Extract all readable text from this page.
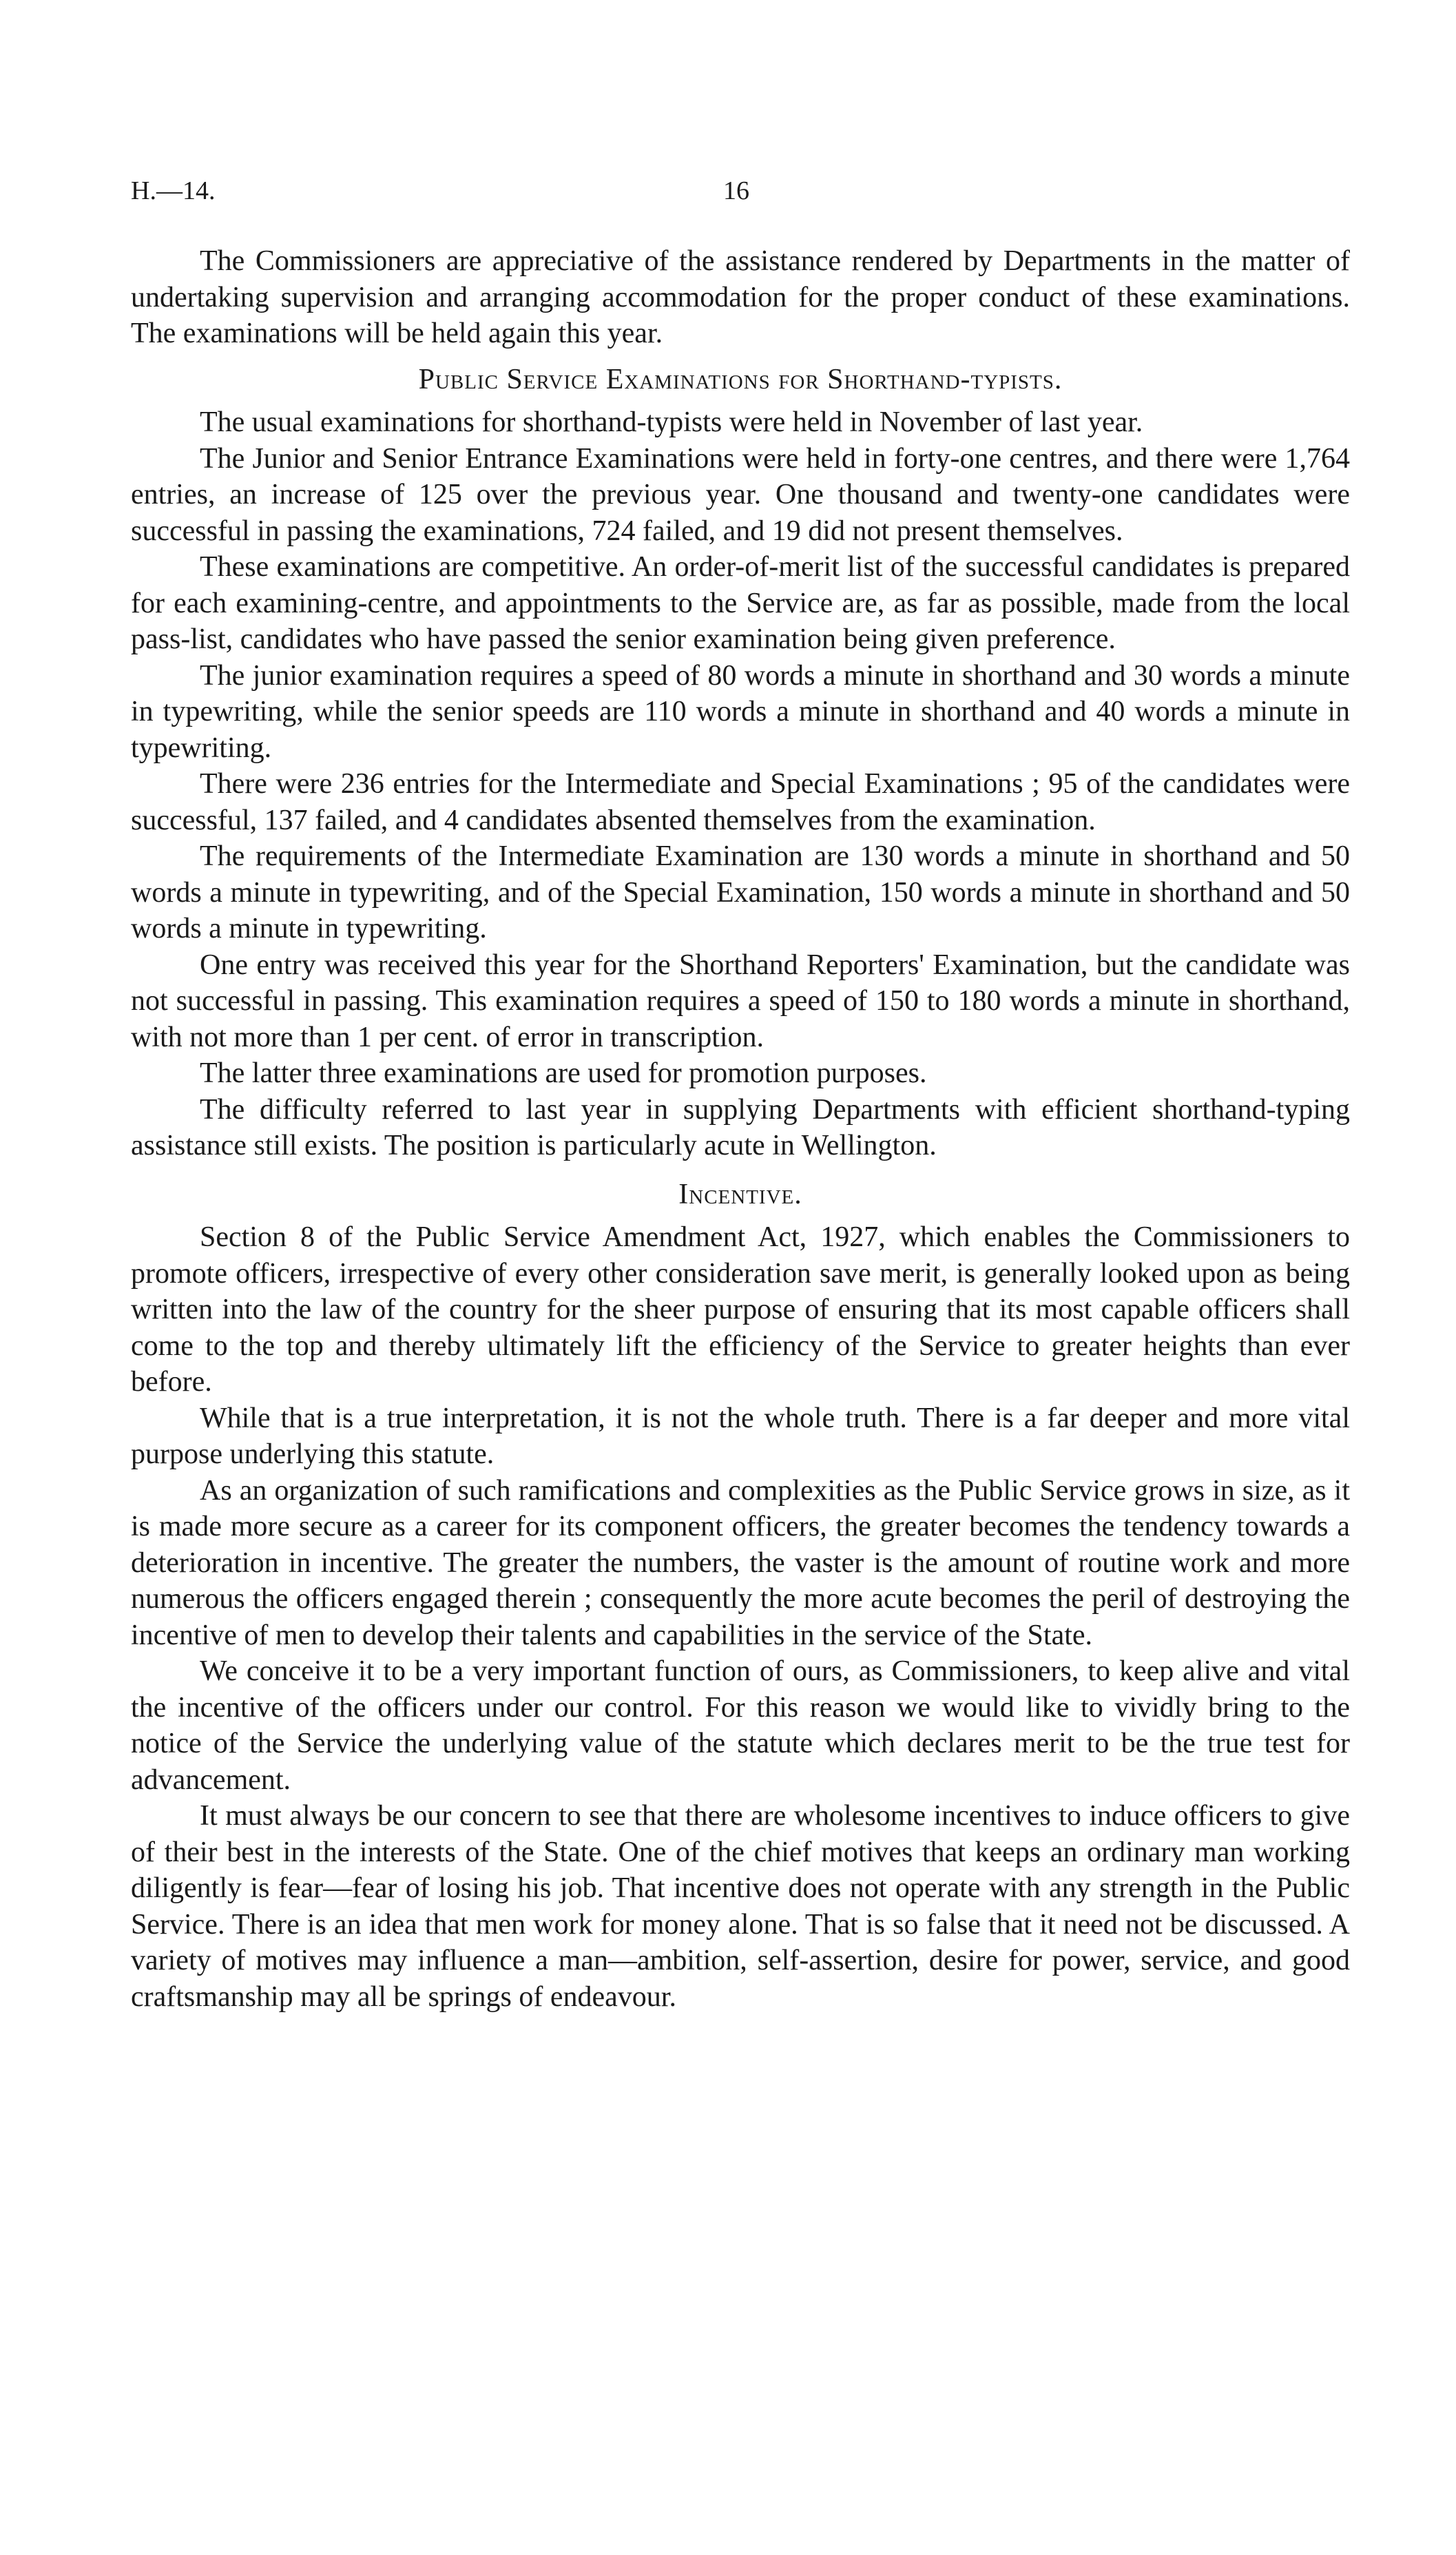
H.—14.	16

The Commissioners are appreciative of the assistance rendered by Departments in the matter of undertaking supervision and arranging accommodation for the proper conduct of these examinations. The examinations will be held again this year.

Public Service Examinations for Shorthand-typists.

The usual examinations for shorthand-typists were held in November of last year.

The Junior and Senior Entrance Examinations were held in forty-one centres, and there were 1,764 entries, an increase of 125 over the previous year. One thousand and twenty-one candidates were successful in passing the examinations, 724 failed, and 19 did not present themselves.

These examinations are competitive. An order-of-merit list of the successful candidates is prepared for each examining-centre, and appointments to the Service are, as far as possible, made from the local pass-list, candidates who have passed the senior examination being given preference.

The junior examination requires a speed of 80 words a minute in shorthand and 30 words a minute in typewriting, while the senior speeds are 110 words a minute in shorthand and 40 words a minute in typewriting.

There were 236 entries for the Intermediate and Special Examinations ; 95 of the candidates were successful, 137 failed, and 4 candidates absented themselves from the examination.

The requirements of the Intermediate Examination are 130 words a minute in shorthand and 50 words a minute in typewriting, and of the Special Examination, 150 words a minute in shorthand and 50 words a minute in typewriting.

One entry was received this year for the Shorthand Reporters' Examination, but the candidate was not successful in passing. This examination requires a speed of 150 to 180 words a minute in shorthand, with not more than 1 per cent. of error in transcription.

The latter three examinations are used for promotion purposes.

The difficulty referred to last year in supplying Departments with efficient shorthand-typing assistance still exists. The position is particularly acute in Wellington.

Incentive.

Section 8 of the Public Service Amendment Act, 1927, which enables the Commissioners to promote officers, irrespective of every other consideration save merit, is generally looked upon as being written into the law of the country for the sheer purpose of ensuring that its most capable officers shall come to the top and thereby ultimately lift the efficiency of the Service to greater heights than ever before.

While that is a true interpretation, it is not the whole truth. There is a far deeper and more vital purpose underlying this statute.

As an organization of such ramifications and complexities as the Public Service grows in size, as it is made more secure as a career for its component officers, the greater becomes the tendency towards a deterioration in incentive. The greater the numbers, the vaster is the amount of routine work and more numerous the officers engaged therein ; consequently the more acute becomes the peril of destroying the incentive of men to develop their talents and capabilities in the service of the State.

We conceive it to be a very important function of ours, as Commissioners, to keep alive and vital the incentive of the officers under our control. For this reason we would like to vividly bring to the notice of the Service the underlying value of the statute which declares merit to be the true test for advancement.

It must always be our concern to see that there are wholesome incentives to induce officers to give of their best in the interests of the State. One of the chief motives that keeps an ordinary man working diligently is fear—fear of losing his job. That incentive does not operate with any strength in the Public Service. There is an idea that men work for money alone. That is so false that it need not be discussed. A variety of motives may influence a man—ambition, self-assertion, desire for power, service, and good craftsmanship may all be springs of endeavour.
